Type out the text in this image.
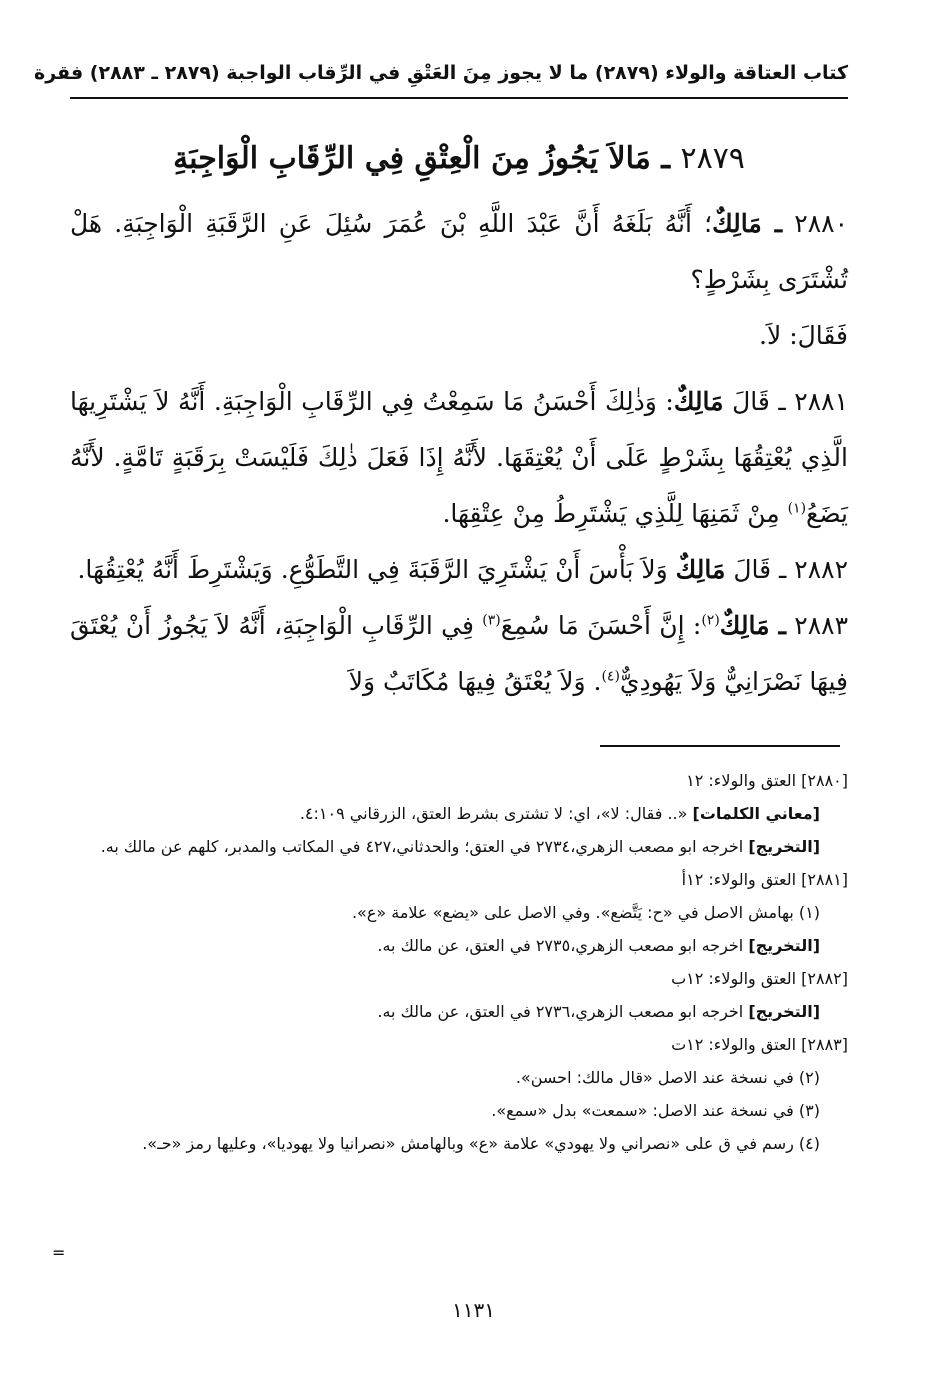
كتاب العتاقة والولاء (٢٨٧٩) ما لا يجوز مِنَ العَتْقِ في الرِّقاب الواجبة (٢٨٧٩ ـ ٢٨٨٣) فقرة
٢٨٧٩ ـ مَالاَ يَجُوزُ مِنَ الْعِتْقِ فِي الرِّقَابِ الْوَاجِبَةِ

٢٨٨٠ ـ مَالِكٌ؛ أَنَّهُ بَلَغَهُ أَنَّ عَبْدَ اللَّهِ بْنَ عُمَرَ سُئِلَ عَنِ الرَّقَبَةِ الْوَاجِبَةِ. هَلْ تُشْتَرَى بِشَرْطٍ؟

فَقَالَ: لاَ.

٢٨٨١ ـ قَالَ مَالِكٌ: وَذٰلِكَ أَحْسَنُ مَا سَمِعْتُ فِي الرِّقَابِ الْوَاجِبَةِ. أَنَّهُ لاَ يَشْتَرِيهَا الَّذِي يُعْتِقُهَا بِشَرْطٍ عَلَى أَنْ يُعْتِقَهَا. لأَنَّهُ إِذَا فَعَلَ ذٰلِكَ فَلَيْسَتْ بِرَقَبَةٍ تَامَّةٍ. لأَنَّهُ يَضَعُ$^{(١)}$ مِنْ ثَمَنِهَا لِلَّذِي يَشْتَرِطُ مِنْ عِتْقِهَا.

٢٨٨٢ ـ قَالَ مَالِكٌ وَلاَ بَأْسَ أَنْ يَشْتَرِيَ الرَّقَبَةَ فِي التَّطَوُّعِ. وَيَشْتَرِطَ أَنَّهُ يُعْتِقُهَا.

٢٨٨٣ ـ مَالِكٌ$^{(٢)}$: إِنَّ أَحْسَنَ مَا سُمِعَ$^{(٣)}$ فِي الرِّقَابِ الْوَاجِبَةِ، أَنَّهُ لاَ يَجُوزُ أَنْ يُعْتَقَ فِيهَا نَصْرَانِيٌّ وَلاَ يَهُودِيٌّ$^{(٤)}$. وَلاَ يُعْتَقُ فِيهَا مُكَاتَبٌ وَلاَ

[٢٨٨٠] العتق والولاء: ١٢

[معاني الكلمات] «.. فقال: لا»، اي: لا تشترى بشرط العتق، الزرقاني ٤:١٠٩.

[التخريج] اخرجه ابو مصعب الزهري،٢٧٣٤ في العتق؛ والحدثاني،٤٢٧ في المكاتب والمدبر، كلهم عن مالك به.

[٢٨٨١] العتق والولاء: ١٢أ

(١) بهامش الاصل في «ح: يَتَّضع». وفي الاصل على «يضع» علامة «ع».

[التخريج] اخرجه ابو مصعب الزهري،٢٧٣٥ في العتق، عن مالك به.

[٢٨٨٢] العتق والولاء: ١٢ب

[التخريج] اخرجه ابو مصعب الزهري،٢٧٣٦ في العتق، عن مالك به.

[٢٨٨٣] العتق والولاء: ١٢ت

(٢) في نسخة عند الاصل «قال مالك: احسن».

(٣) في نسخة عند الاصل: «سمعت» بدل «سمع».

(٤) رسم في ق على «نصراني ولا يهودي» علامة «ع» وبالهامش «نصرانيا ولا يهوديا»، وعليها رمز «حـ».

=
١١٣١
